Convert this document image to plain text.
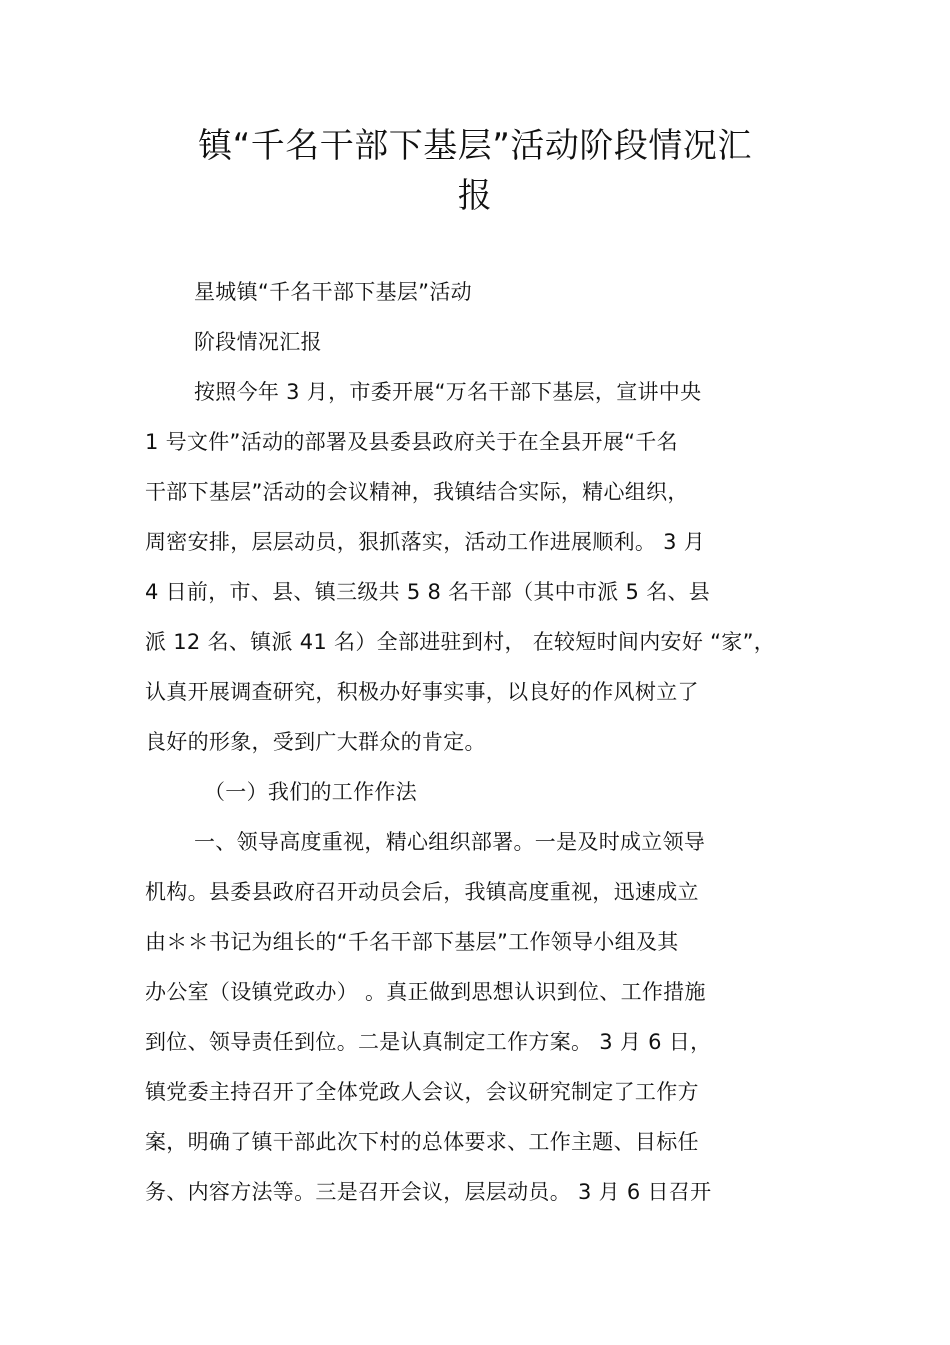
镇“千名干部下基层”活动阶段情况汇
报
星城镇“千名干部下基层”活动
阶段情况汇报
按照今年 3 月，市委开展“万名干部下基层，宣讲中央
1 号文件”活动的部署及县委县政府关于在全县开展“千名
干部下基层”活动的会议精神，我镇结合实际，精心组织，
周密安排，层层动员，狠抓落实，活动工作进展顺利。 3 月
4 日前，市、县、镇三级共 5 8 名干部（其中市派 5 名、县
派 12 名、镇派 41 名）全部进驻到村， 在较短时间内安好 “家”，
认真开展调查研究，积极办好事实事，以良好的作风树立了
良好的形象，受到广大群众的肯定。
（一）我们的工作作法
一、领导高度重视，精心组织部署。一是及时成立领导
机构。县委县政府召开动员会后，我镇高度重视，迅速成立
由＊＊书记为组长的“千名干部下基层”工作领导小组及其
办公室（设镇党政办） 。真正做到思想认识到位、工作措施
到位、领导责任到位。二是认真制定工作方案。 3 月 6 日，
镇党委主持召开了全体党政人会议，会议研究制定了工作方
案，明确了镇干部此次下村的总体要求、工作主题、目标任
务、内容方法等。三是召开会议，层层动员。 3 月 6 日召开
